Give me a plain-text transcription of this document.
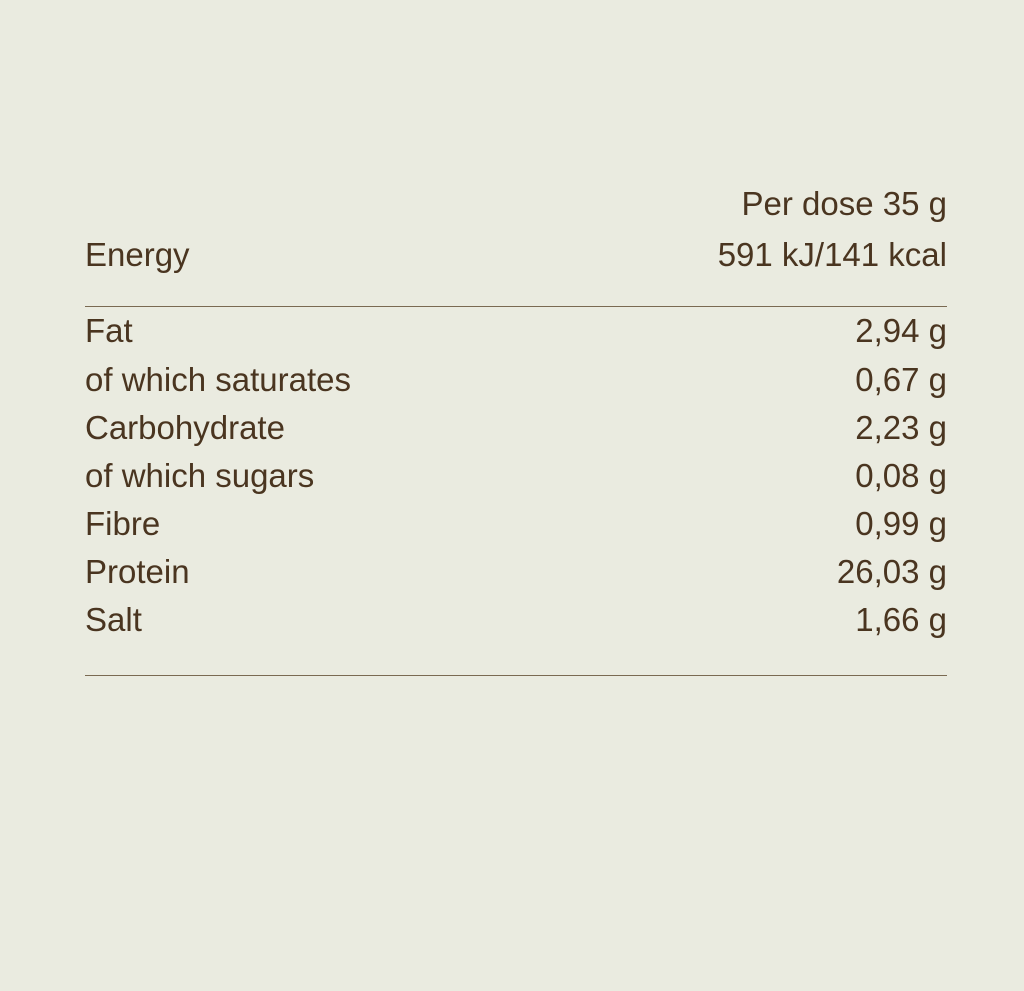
	Per dose 35 g
Energy	591 kJ/141 kcal

Fat	2,94 g
of which saturates	0,67 g
Carbohydrate	2,23 g
of which sugars	0,08 g
Fibre	0,99 g
Protein	26,03 g
Salt	1,66 g
